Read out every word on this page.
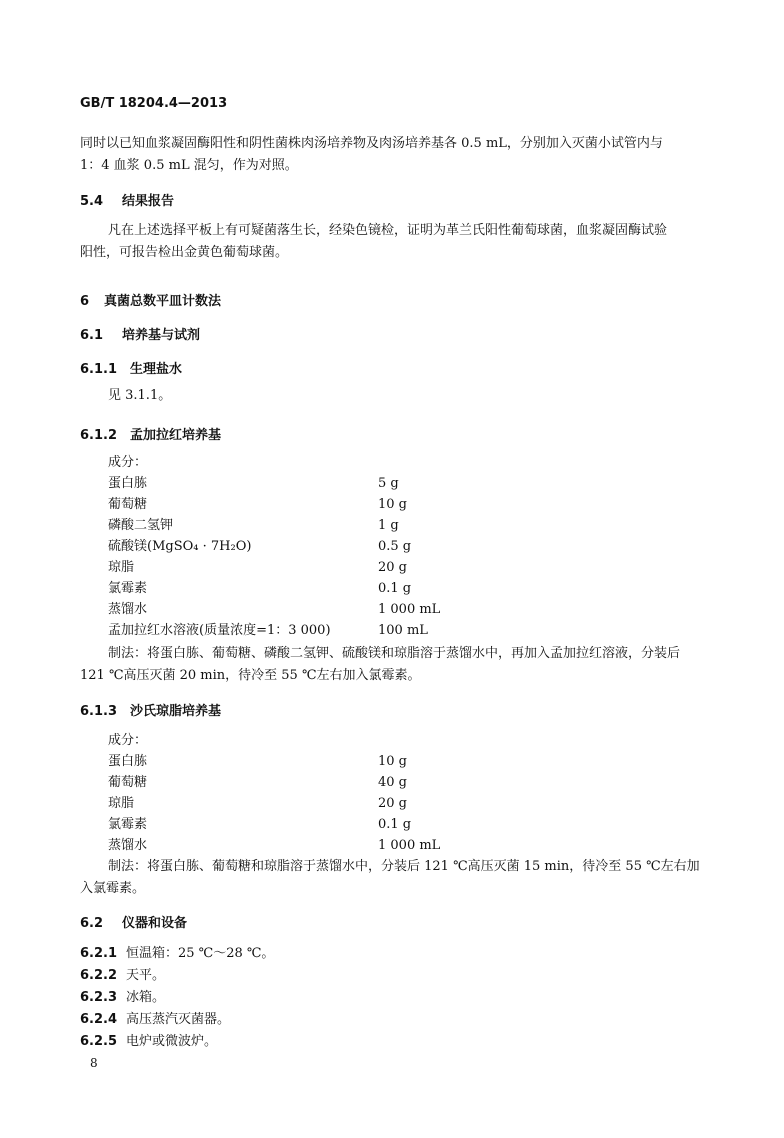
GB/T 18204.4—2013
同时以已知血浆凝固酶阳性和阴性菌株肉汤培养物及肉汤培养基各 0.5 mL，分别加入灭菌小试管内与
1：4 血浆 0.5 mL 混匀，作为对照。
5.4 结果报告
凡在上述选择平板上有可疑菌落生长，经染色镜检，证明为革兰氏阳性葡萄球菌，血浆凝固酶试验
阳性，可报告检出金黄色葡萄球菌。
6 真菌总数平皿计数法
6.1 培养基与试剂
6.1.1 生理盐水
见 3.1.1。
6.1.2 孟加拉红培养基
成分：
蛋白胨	5 g
葡萄糖	10 g
磷酸二氢钾	1 g
硫酸镁(MgSO₄ · 7H₂O)	0.5 g
琼脂	20 g
氯霉素	0.1 g
蒸馏水	1 000 mL
孟加拉红水溶液(质量浓度=1：3 000)	100 mL
制法：将蛋白胨、葡萄糖、磷酸二氢钾、硫酸镁和琼脂溶于蒸馏水中，再加入孟加拉红溶液，分装后
121 ℃高压灭菌 20 min，待冷至 55 ℃左右加入氯霉素。
6.1.3 沙氏琼脂培养基
成分：
蛋白胨	10 g
葡萄糖	40 g
琼脂	20 g
氯霉素	0.1 g
蒸馏水	1 000 mL
制法：将蛋白胨、葡萄糖和琼脂溶于蒸馏水中，分装后 121 ℃高压灭菌 15 min，待冷至 55 ℃左右加
入氯霉素。
6.2 仪器和设备
6.2.1 恒温箱：25 ℃～28 ℃。
6.2.2 天平。
6.2.3 冰箱。
6.2.4 高压蒸汽灭菌器。
6.2.5 电炉或微波炉。
8
